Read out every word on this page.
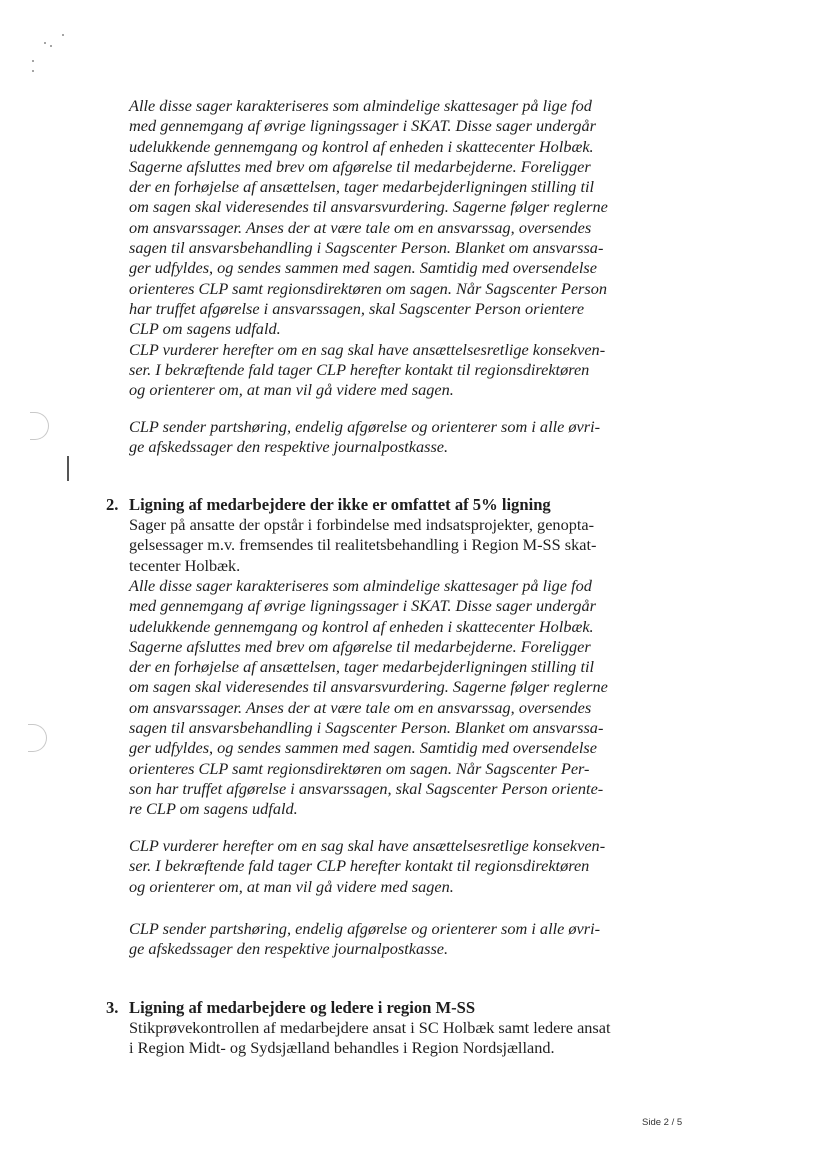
Alle disse sager karakteriseres som almindelige skattesager på lige fod

med gennemgang af øvrige ligningssager i SKAT. Disse sager undergår

udelukkende gennemgang og kontrol af enheden i skattecenter Holbæk.

Sagerne afsluttes med brev om afgørelse til medarbejderne. Foreligger

der en forhøjelse af ansættelsen, tager medarbejderligningen stilling til

om sagen skal videresendes til ansvarsvurdering. Sagerne følger reglerne

om ansvarssager. Anses der at være tale om en ansvarssag, oversendes

sagen til ansvarsbehandling i Sagscenter Person. Blanket om ansvarssa-

ger udfyldes, og sendes sammen med sagen. Samtidig med oversendelse

orienteres CLP samt regionsdirektøren om sagen. Når Sagscenter Person

har truffet afgørelse i ansvarssagen, skal Sagscenter Person orientere

CLP om sagens udfald.

CLP vurderer herefter om en sag skal have ansættelsesretlige konsekven-

ser. I bekræftende fald tager CLP herefter kontakt til regionsdirektøren

og orienterer om, at man vil gå videre med sagen.

CLP sender partshøring, endelig afgørelse og orienterer som i alle øvri-

ge afskedssager den respektive journalpostkasse.

2. Ligning af medarbejdere der ikke er omfattet af 5% ligning

Sager på ansatte der opstår i forbindelse med indsatsprojekter, genopta-

gelsessager m.v. fremsendes til realitetsbehandling i Region M-SS skat-

tecenter Holbæk.

Alle disse sager karakteriseres som almindelige skattesager på lige fod

med gennemgang af øvrige ligningssager i SKAT. Disse sager undergår

udelukkende gennemgang og kontrol af enheden i skattecenter Holbæk.

Sagerne afsluttes med brev om afgørelse til medarbejderne. Foreligger

der en forhøjelse af ansættelsen, tager medarbejderligningen stilling til

om sagen skal videresendes til ansvarsvurdering. Sagerne følger reglerne

om ansvarssager. Anses der at være tale om en ansvarssag, oversendes

sagen til ansvarsbehandling i Sagscenter Person. Blanket om ansvarssa-

ger udfyldes, og sendes sammen med sagen. Samtidig med oversendelse

orienteres CLP samt regionsdirektøren om sagen. Når Sagscenter Per-

son har truffet afgørelse i ansvarssagen, skal Sagscenter Person oriente-

re CLP om sagens udfald.

CLP vurderer herefter om en sag skal have ansættelsesretlige konsekven-

ser. I bekræftende fald tager CLP herefter kontakt til regionsdirektøren

og orienterer om, at man vil gå videre med sagen.

CLP sender partshøring, endelig afgørelse og orienterer som i alle øvri-

ge afskedssager den respektive journalpostkasse.

3. Ligning af medarbejdere og ledere i region M-SS

Stikprøvekontrollen af medarbejdere ansat i SC Holbæk samt ledere ansat

i Region Midt- og Sydsjælland behandles i Region Nordsjælland.

Side 2 / 5
